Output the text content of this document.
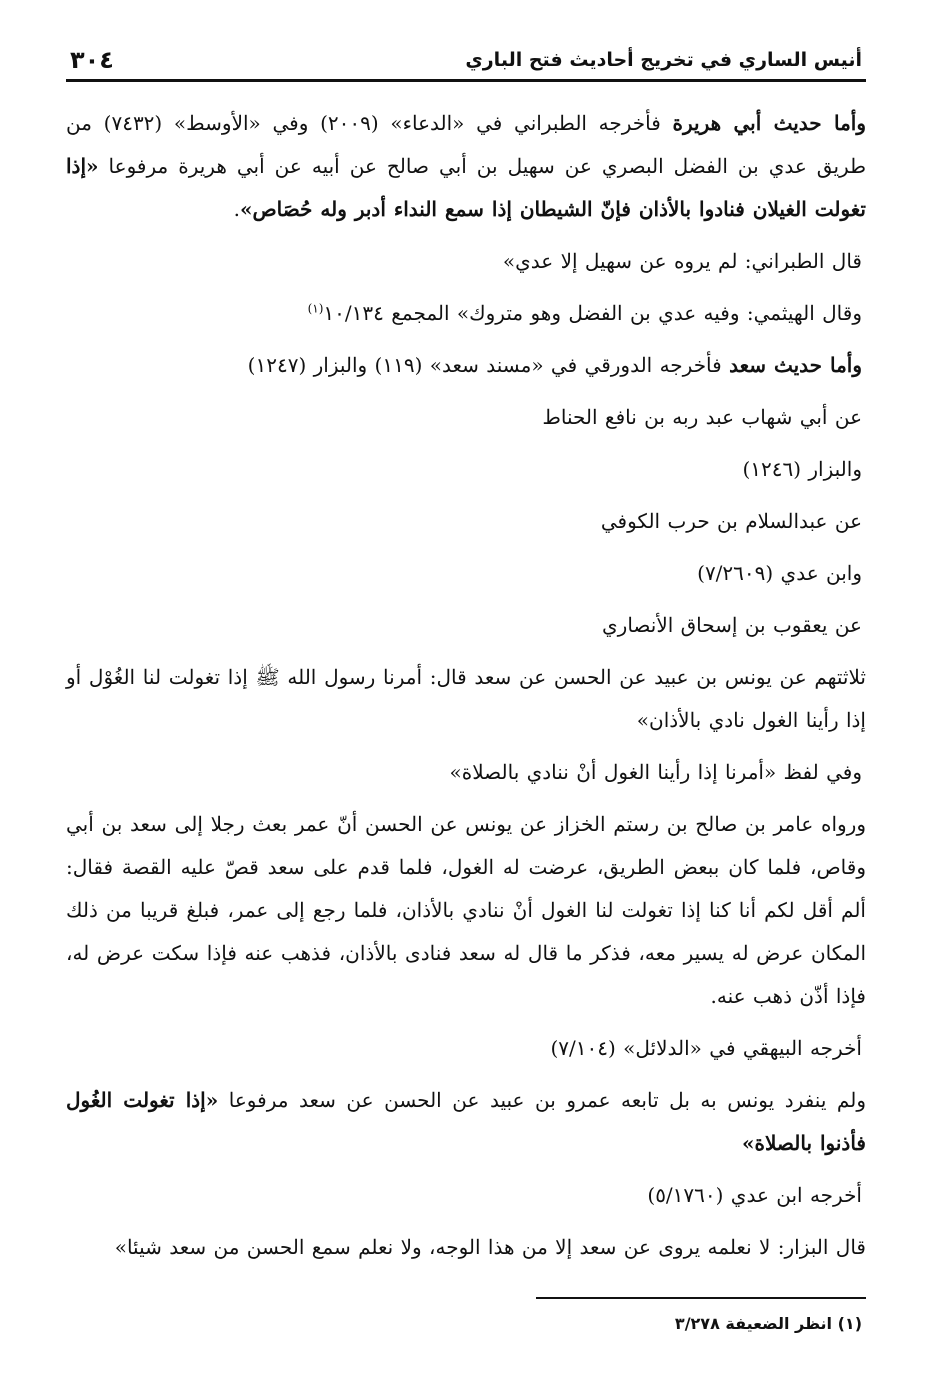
أنيس الساري في تخريج أحاديث فتح الباري
٣٠٤

وأما حديث أبي هريرة فأخرجه الطبراني في «الدعاء» (٢٠٠٩) وفي «الأوسط» (٧٤٣٢) من طريق عدي بن الفضل البصري عن سهيل بن أبي صالح عن أبيه عن أبي هريرة مرفوعا «إذا تغولت الغيلان فنادوا بالأذان فإنّ الشيطان إذا سمع النداء أدبر وله حُصَاص».

قال الطبراني: لم يروه عن سهيل إلا عدي»

وقال الهيثمي: وفيه عدي بن الفضل وهو متروك» المجمع ١٠/١٣٤$^{(١)}$

وأما حديث سعد فأخرجه الدورقي في «مسند سعد» (١١٩) والبزار (١٢٤٧)

عن أبي شهاب عبد ربه بن نافع الحناط

والبزار (١٢٤٦)

عن عبدالسلام بن حرب الكوفي

وابن عدي (٧/٢٦٠٩)

عن يعقوب بن إسحاق الأنصاري

ثلاثتهم عن يونس بن عبيد عن الحسن عن سعد قال: أمرنا رسول الله ﷺ إذا تغولت لنا الغُوْل أو إذا رأينا الغول نادي بالأذان»

وفي لفظ «أمرنا إذا رأينا الغول أنْ ننادي بالصلاة»

ورواه عامر بن صالح بن رستم الخزاز عن يونس عن الحسن أنّ عمر بعث رجلا إلى سعد بن أبي وقاص، فلما كان ببعض الطريق، عرضت له الغول، فلما قدم على سعد قصّ عليه القصة فقال: ألم أقل لكم أنا كنا إذا تغولت لنا الغول أنْ ننادي بالأذان، فلما رجع إلى عمر، فبلغ قريبا من ذلك المكان عرض له يسير معه، فذكر ما قال له سعد فنادى بالأذان، فذهب عنه فإذا سكت عرض له، فإذا أذّن ذهب عنه.

أخرجه البيهقي في «الدلائل» (٧/١٠٤)

ولم ينفرد يونس به بل تابعه عمرو بن عبيد عن الحسن عن سعد مرفوعا «إذا تغولت الغُول فأذنوا بالصلاة»

أخرجه ابن عدي (٥/١٧٦٠)

قال البزار: لا نعلمه يروى عن سعد إلا من هذا الوجه، ولا نعلم سمع الحسن من سعد شيئا»

(١) انظر الضعيفة ٣/٢٧٨
